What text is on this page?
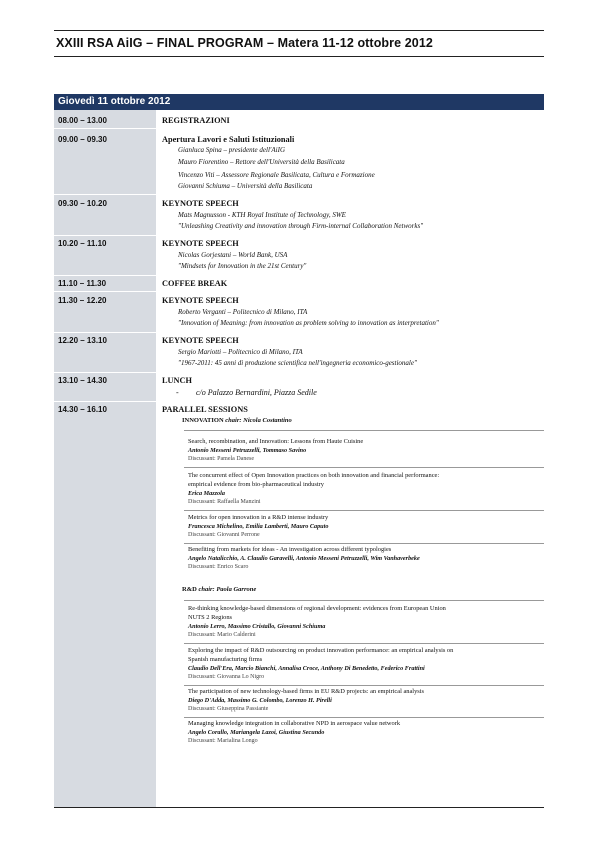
XXIII RSA AiIG – FINAL PROGRAM – Matera 11-12 ottobre 2012
Giovedì 11 ottobre 2012
08.00 – 13.00	REGISTRAZIONI
09.00 – 09.30	Apertura Lavori e Saluti Istituzionali
Gianluca Spina – presidente dell'AiIG
Mauro Fiorentino – Rettore dell'Università della Basilicata
Vincenzo Viti – Assessore Regionale Basilicata, Cultura e Formazione
Giovanni Schiuma – Università della Basilicata
09.30 – 10.20	KEYNOTE SPEECH
Mats Magnusson - KTH Royal Institute of Technology, SWE
"Unleashing Creativity and innovation through Firm-internal Collaboration Networks"
10.20 – 11.10	KEYNOTE SPEECH
Nicolas Gorjestani – World Bank, USA
"Mindsets for Innovation in the 21st Century"
11.10 – 11.30	COFFEE BREAK
11.30 – 12.20	KEYNOTE SPEECH
Roberto Verganti – Politecnico di Milano, ITA
"Innovation of Meaning: from innovation as problem solving to innovation as interpretation"
12.20 – 13.10	KEYNOTE SPEECH
Sergio Mariotti – Politecnico di Milano, ITA
"1967-2011: 45 anni di produzione scientifica nell'ingegneria economico-gestionale"
13.10 – 14.30	LUNCH
- c/o Palazzo Bernardini, Piazza Sedile
14.30 – 16.10	PARALLEL SESSIONS
INNOVATION chair: Nicola Costantino
Search, recombination, and Innovation: Lessons from Haute Cuisine
Antonio Messeni Petruzzelli, Tommaso Savino
Discussant: Pamela Danese
The concurrent effect of Open Innovation practices on both innovation and financial performance:
empirical evidence from bio-pharmaceutical industry
Erica Mazzola
Discussant: Raffaella Manzini
Metrics for open innovation in a R&D intense industry
Francesca Michelino, Emilia Lamberti, Mauro Caputo
Discussant: Giovanni Perrone
Benefiting from markets for ideas - An investigation across different typologies
Angelo Natalicchio, A. Claudio Garavelli, Antonio Messeni Petruzzelli, Wim Vanhaverbeke
Discussant: Enrico Scaro
R&D chair: Paola Garrone
Re-thinking knowledge-based dimensions of regional development: evidences from European Union
NUTS 2 Regions
Antonio Lerro, Massimo Cristallo, Giovanni Schiuma
Discussant: Mario Calderini
Exploring the impact of R&D outsourcing on product innovation performance: an empirical analysis on
Spanish manufacturing firms
Claudio Dell'Era, Marcio Bianchi, Annalisa Croce, Anthony Di Benedetto, Federico Frattini
Discussant: Giovanna Lo Nigro
The participation of new technology-based firms in EU R&D projects: an empirical analysis
Diego D'Adda, Massimo G. Colombo, Lorenzo H. Pirelli
Discussant: Giuseppina Passiante
Managing knowledge integration in collaborative NPD in aerospace value network
Angelo Corallo, Mariangela Lazoi, Giustina Secundo
Discussant: Marialina Longo
